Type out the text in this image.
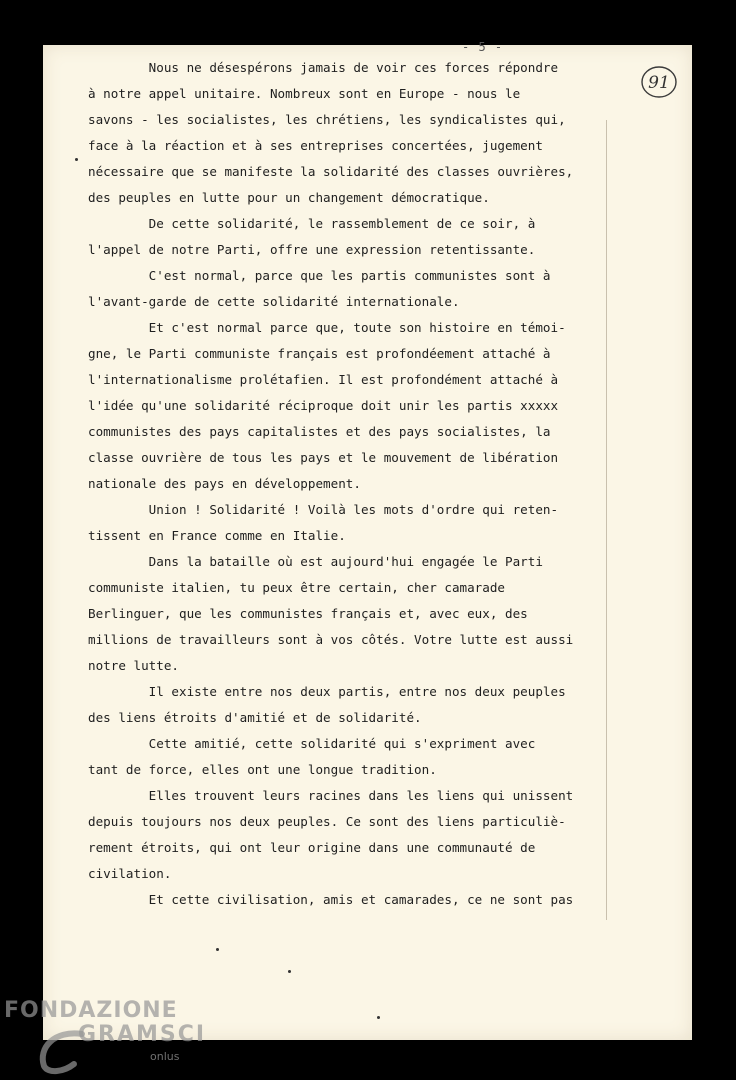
- 5 -
91
Nous ne désespérons jamais de voir ces forces répondre
à notre appel unitaire. Nombreux sont en Europe - nous le
savons - les socialistes, les chrétiens, les syndicalistes qui,
face à la réaction et à ses entreprises concertées, jugement
nécessaire que se manifeste la solidarité des classes ouvrières,
des peuples en lutte pour un changement démocratique.
De cette solidarité, le rassemblement de ce soir, à
l'appel de notre Parti, offre une expression retentissante.
C'est normal, parce que les partis communistes sont à
l'avant-garde de cette solidarité internationale.
Et c'est normal parce que, toute son histoire en témoi-
gne, le Parti communiste français est profondéement attaché à
l'internationalisme prolétafien. Il est profondément attaché à
l'idée qu'une solidarité réciproque doit unir les partis xxxxx
communistes des pays capitalistes et des pays socialistes, la
classe ouvrière de tous les pays et le mouvement de libération
nationale des pays en développement.
Union ! Solidarité ! Voilà les mots d'ordre qui reten-
tissent en France comme en Italie.
Dans la bataille où est aujourd'hui engagée le Parti
communiste italien, tu peux être certain, cher camarade
Berlinguer, que les communistes français et, avec eux, des
millions de travailleurs sont à vos côtés. Votre lutte est aussi
notre lutte.
Il existe entre nos deux partis, entre nos deux peuples
des liens étroits d'amitié et de solidarité.
Cette amitié, cette solidarité qui s'expriment avec
tant de force, elles ont une longue tradition.
Elles trouvent leurs racines dans les liens qui unissent
depuis toujours nos deux peuples. Ce sont des liens particuliè-
rement étroits, qui ont leur origine dans une communauté de
civilation.
Et cette civilisation, amis et camarades, ce ne sont pas
FONDAZIONE
GRAMSCI
onlus
